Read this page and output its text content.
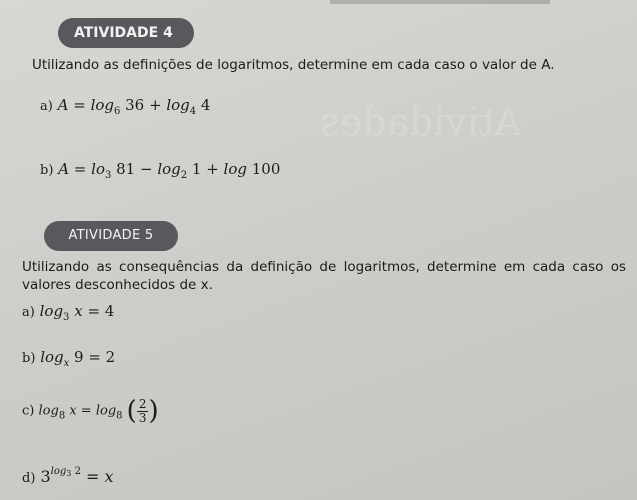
Atividades
ATIVIDADE 4
Utilizando as definições de logaritmos, determine em cada caso o valor de A.
a) $A = \log_6 36 + \log_4 4$
b) $A = lo_3$ $81 - \log_2 1 + \log 100$
ATIVIDADE 5
Utilizando as consequências da definição de logaritmos, determine em cada caso os valores desconhecidos de x.
a) $\log_3 x = 4$
b) $\log_x 9 = 2$
c) $\log_8 x = \log_8$ ( $\frac{2}{3}$)
d) $3^{log_3 2} = x$
